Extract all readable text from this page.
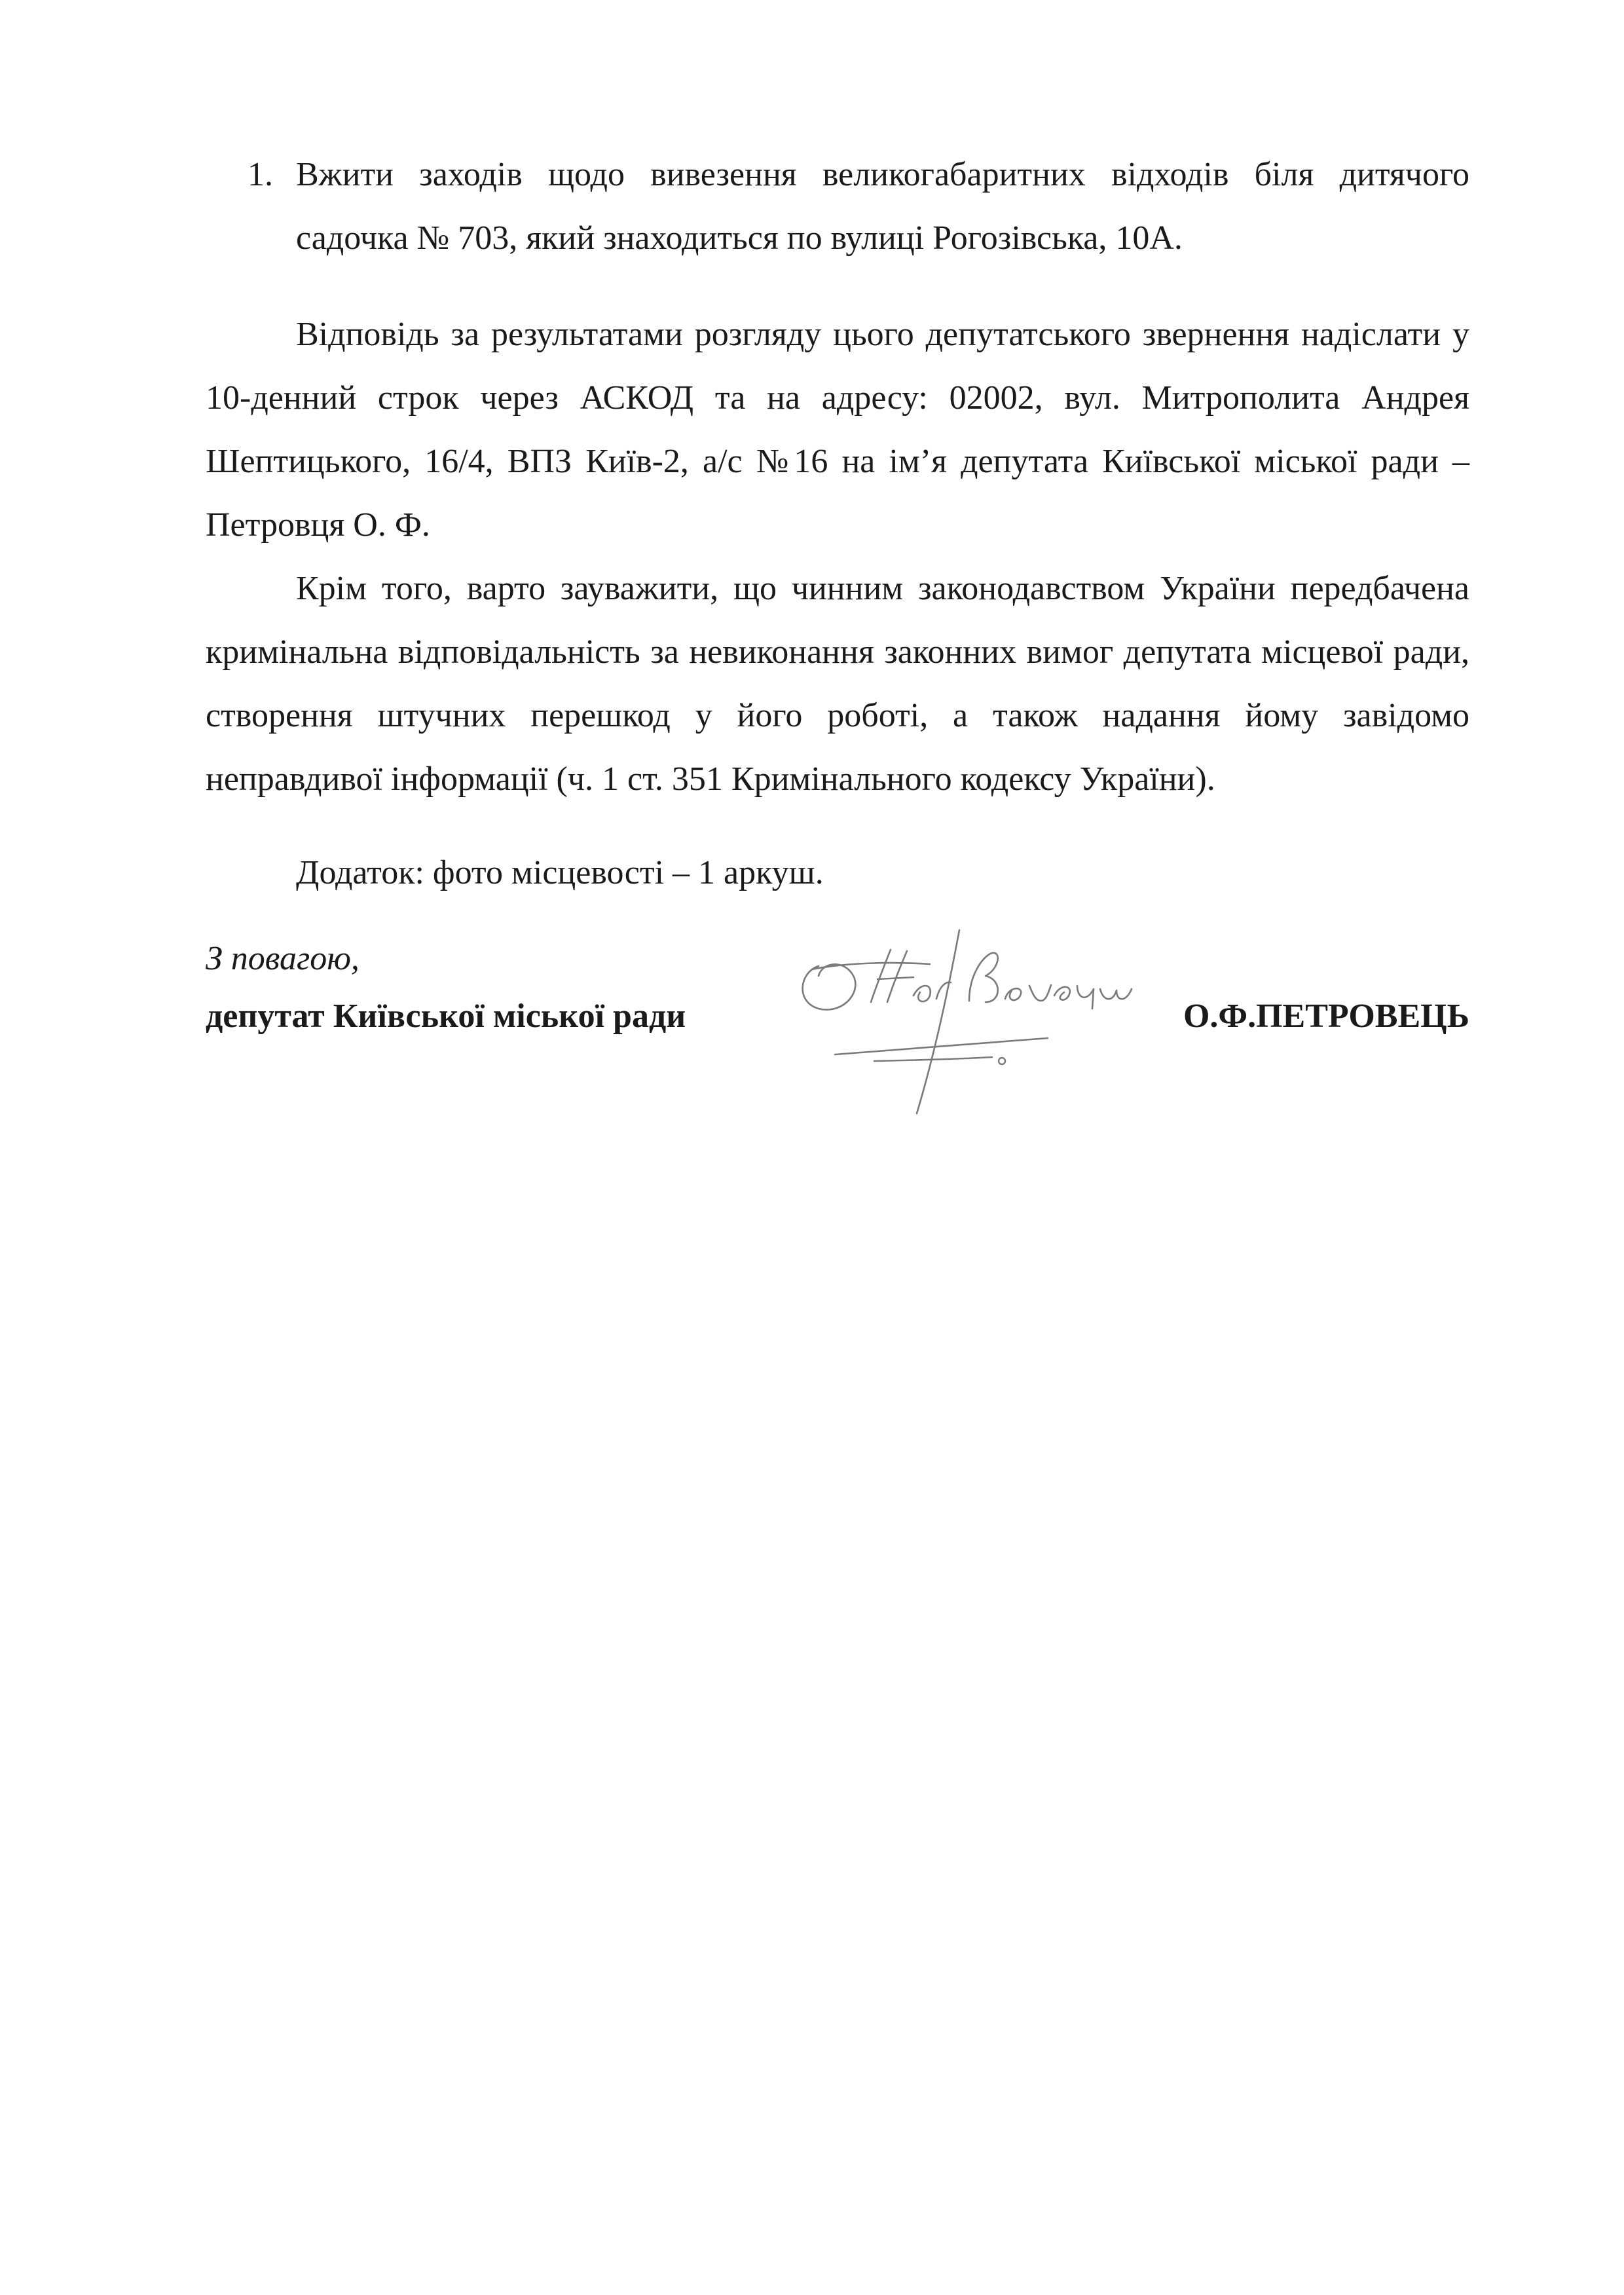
1. Вжити заходів щодо вивезення великогабаритних відходів біля дитячого садочка № 703, який знаходиться по вулиці Рогозівська, 10А.

Відповідь за результатами розгляду цього депутатського звернення надіслати у 10-денний строк через АСКОД та на адресу: 02002, вул. Митрополита Андрея Шептицького, 16/4, ВПЗ Київ-2, а/с №16 на ім’я депутата Київської міської ради – Петровця О. Ф.

Крім того, варто зауважити, що чинним законодавством України передбачена кримінальна відповідальність за невиконання законних вимог депутата місцевої ради, створення штучних перешкод у його роботі, а також надання йому завідомо неправдивої інформації (ч. 1 ст. 351 Кримінального кодексу України).

Додаток: фото місцевості – 1 аркуш.
З повагою,
депутат Київської міської ради	О.Ф.ПЕТРОВЕЦЬ
